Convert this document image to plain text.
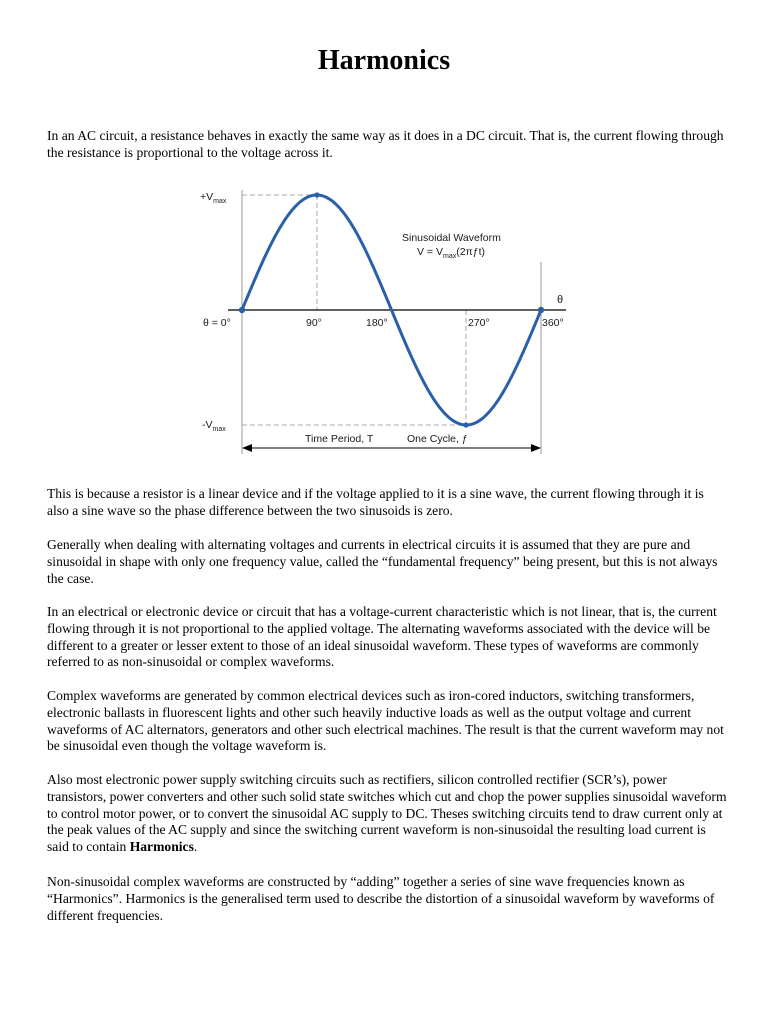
Harmonics

In an AC circuit, a resistance behaves in exactly the same way as it does in a DC circuit. That is, the current flowing through the resistance is proportional to the voltage across it.

$+V_{max}$
$-V_{max}$
θ = 0°
θ
90°	180°	270°	360°
Sinusoidal Waveform
$V = V_{max}(2\pi ƒt)$
Time Period, T	One Cycle, ƒ

This is because a resistor is a linear device and if the voltage applied to it is a sine wave, the current flowing through it is also a sine wave so the phase difference between the two sinusoids is zero.

Generally when dealing with alternating voltages and currents in electrical circuits it is assumed that they are pure and sinusoidal in shape with only one frequency value, called the “fundamental frequency” being present, but this is not always the case.

In an electrical or electronic device or circuit that has a voltage-current characteristic which is not linear, that is, the current flowing through it is not proportional to the applied voltage. The alternating waveforms associated with the device will be different to a greater or lesser extent to those of an ideal sinusoidal waveform. These types of waveforms are commonly referred to as non-sinusoidal or complex waveforms.

Complex waveforms are generated by common electrical devices such as iron-cored inductors, switching transformers, electronic ballasts in fluorescent lights and other such heavily inductive loads as well as the output voltage and current waveforms of AC alternators, generators and other such electrical machines. The result is that the current waveform may not be sinusoidal even though the voltage waveform is.

Also most electronic power supply switching circuits such as rectifiers, silicon controlled rectifier (SCR’s), power transistors, power converters and other such solid state switches which cut and chop the power supplies sinusoidal waveform to control motor power, or to convert the sinusoidal AC supply to DC. Theses switching circuits tend to draw current only at the peak values of the AC supply and since the switching current waveform is non-sinusoidal the resulting load current is said to contain Harmonics.

Non-sinusoidal complex waveforms are constructed by “adding” together a series of sine wave frequencies known as “Harmonics”. Harmonics is the generalised term used to describe the distortion of a sinusoidal waveform by waveforms of different frequencies.
